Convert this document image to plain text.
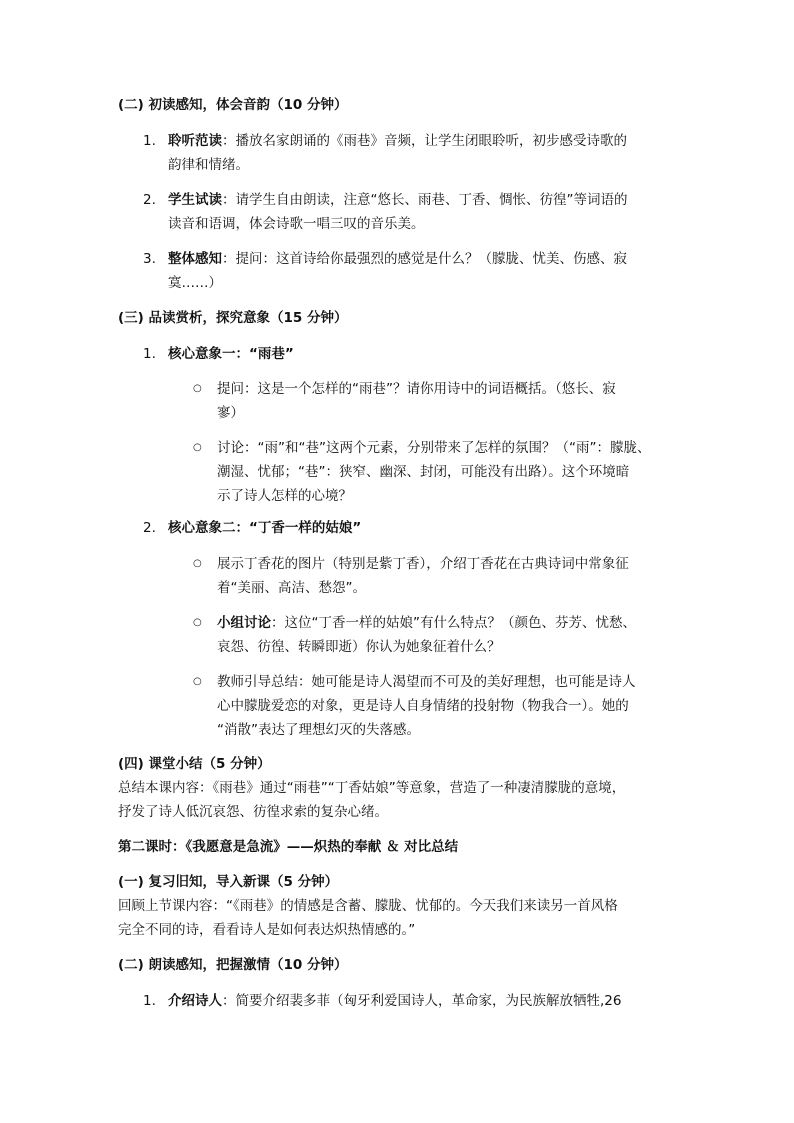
(二) 初读感知，体会音韵（10 分钟）
1. 聆听范读：播放名家朗诵的《雨巷》音频，让学生闭眼聆听，初步感受诗歌的
韵律和情绪。
2. 学生试读：请学生自由朗读，注意“悠长、雨巷、丁香、惆怅、彷徨”等词语的
读音和语调，体会诗歌一唱三叹的音乐美。
3. 整体感知：提问：这首诗给你最强烈的感觉是什么？（朦胧、忧美、伤感、寂
寞……）
(三) 品读赏析，探究意象（15 分钟）
1. 核心意象一：“雨巷”
○ 提问：这是一个怎样的“雨巷”？请你用诗中的词语概括。（悠长、寂
寥）
○ 讨论：“雨”和“巷”这两个元素，分别带来了怎样的氛围？（“雨”：朦胧、
潮湿、忧郁；“巷”：狭窄、幽深、封闭，可能没有出路）。这个环境暗
示了诗人怎样的心境？
2. 核心意象二：“丁香一样的姑娘”
○ 展示丁香花的图片（特别是紫丁香），介绍丁香花在古典诗词中常象征
着“美丽、高洁、愁怨”。
○ 小组讨论：这位“丁香一样的姑娘”有什么特点？（颜色、芬芳、忧愁、
哀怨、彷徨、转瞬即逝）你认为她象征着什么？
○ 教师引导总结：她可能是诗人渴望而不可及的美好理想，也可能是诗人
心中朦胧爱恋的对象，更是诗人自身情绪的投射物（物我合一）。她的
“消散”表达了理想幻灭的失落感。
(四) 课堂小结（5 分钟）
总结本课内容：《雨巷》通过“雨巷”“丁香姑娘”等意象，营造了一种凄清朦胧的意境，
抒发了诗人低沉哀怨、彷徨求索的复杂心绪。
第二课时：《我愿意是急流》——炽热的奉献 ＆ 对比总结
(一) 复习旧知，导入新课（5 分钟）
回顾上节课内容：“《雨巷》的情感是含蓄、朦胧、忧郁的。今天我们来读另一首风格
完全不同的诗，看看诗人是如何表达炽热情感的。”
(二) 朗读感知，把握激情（10 分钟）
1. 介绍诗人：简要介绍裴多菲（匈牙利爱国诗人，革命家，为民族解放牺牲,26
